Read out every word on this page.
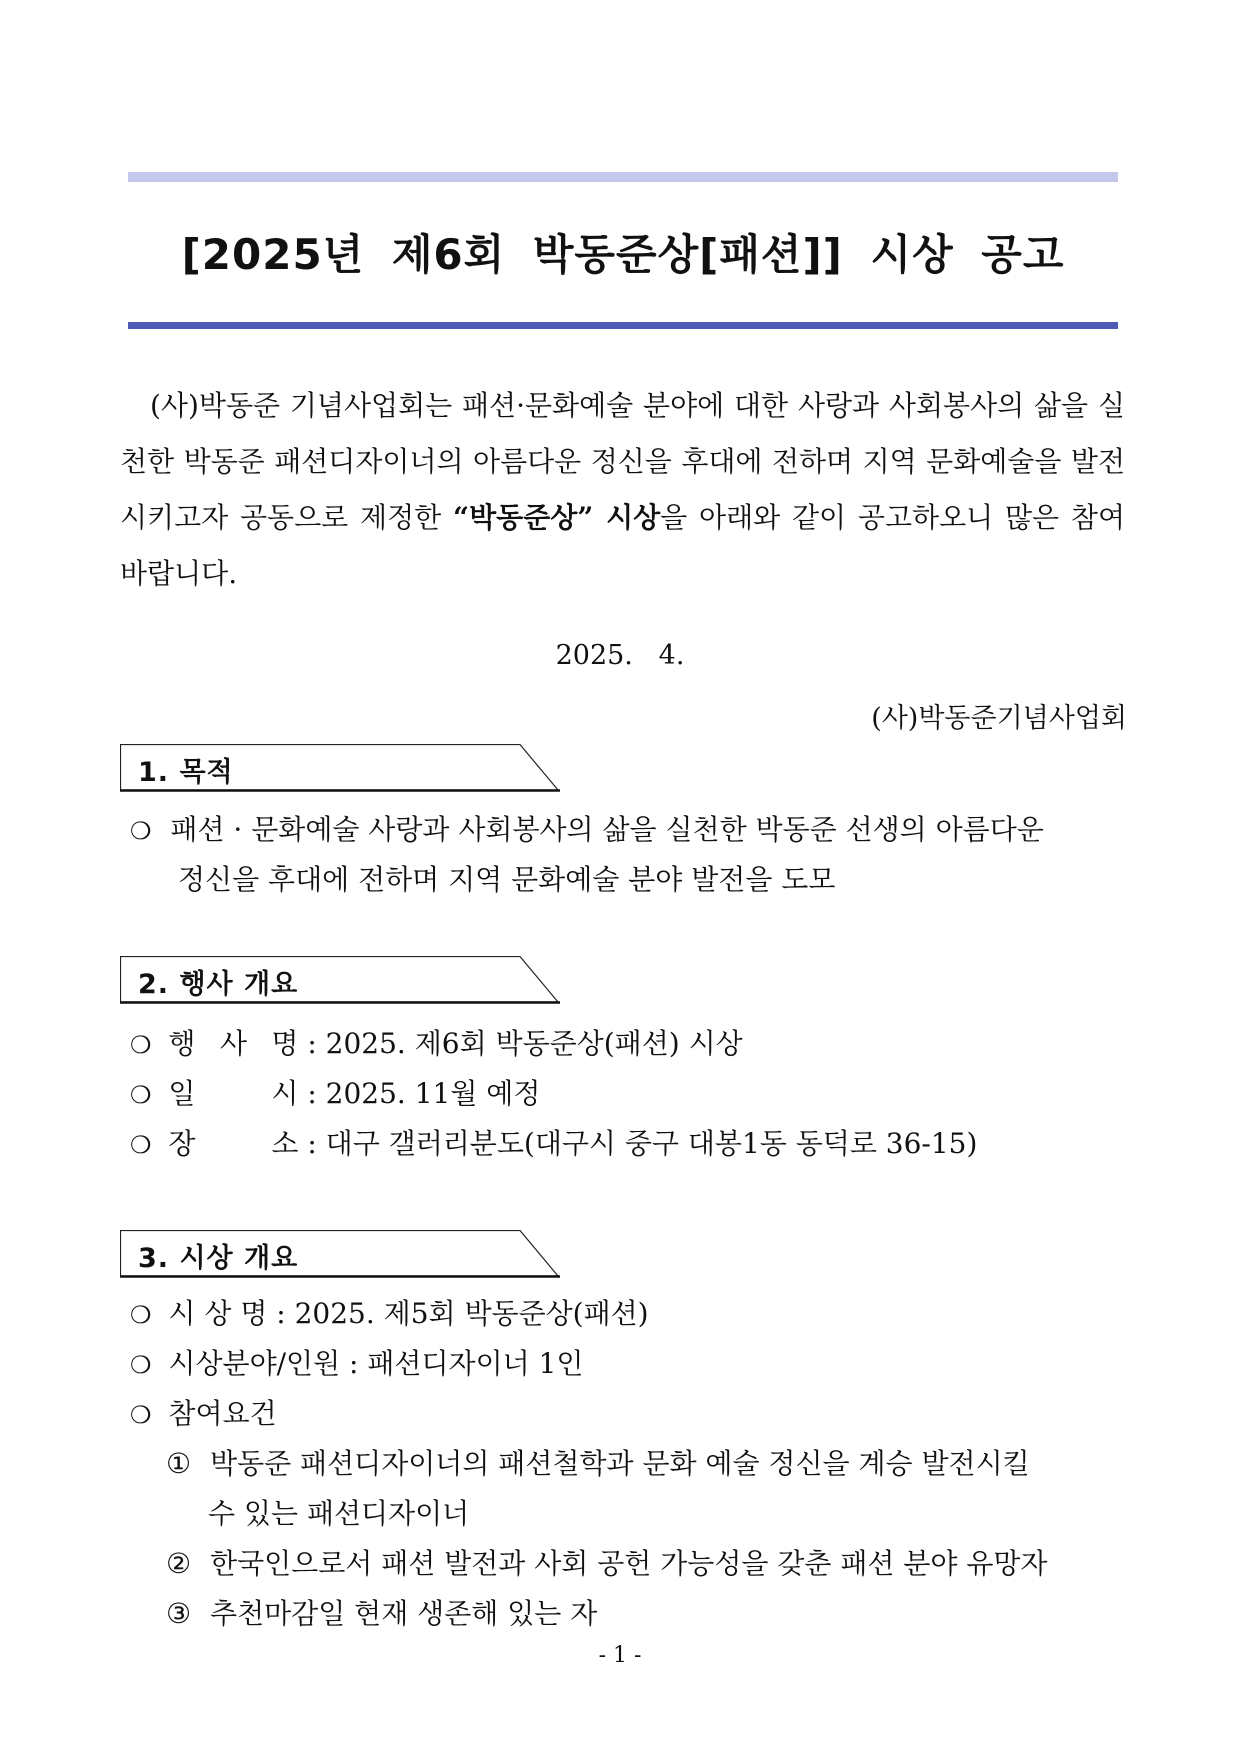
[2025년 제6회 박동준상[패션]] 시상 공고
(사)박동준 기념사업회는 패션·문화예술 분야에 대한 사랑과 사회봉사의 삶을 실천한 박동준 패션디자이너의 아름다운 정신을 후대에 전하며 지역 문화예술을 발전시키고자 공동으로 제정한 “박동준상” 시상을 아래와 같이 공고하오니 많은 참여 바랍니다.
2025.   4.
(사)박동준기념사업회
1. 목적
❍ 패션 · 문화예술 사랑과 사회봉사의 삶을 실천한 박동준 선생의 아름다운
정신을 후대에 전하며 지역 문화예술 분야 발전을 도모
2. 행사 개요
❍ 행 사 명 : 2025. 제6회 박동준상(패션) 시상
❍ 일 시 : 2025. 11월 예정
❍ 장 소 : 대구 갤러리분도(대구시 중구 대봉1동 동덕로 36-15)
3. 시상 개요
❍ 시 상 명 : 2025. 제5회 박동준상(패션)
❍ 시상분야/인원 : 패션디자이너 1인
❍ 참여요건
① 박동준 패션디자이너의 패션철학과 문화 예술 정신을 계승 발전시킬
수 있는 패션디자이너
② 한국인으로서 패션 발전과 사회 공헌 가능성을 갖춘 패션 분야 유망자
③ 추천마감일 현재 생존해 있는 자
- 1 -
